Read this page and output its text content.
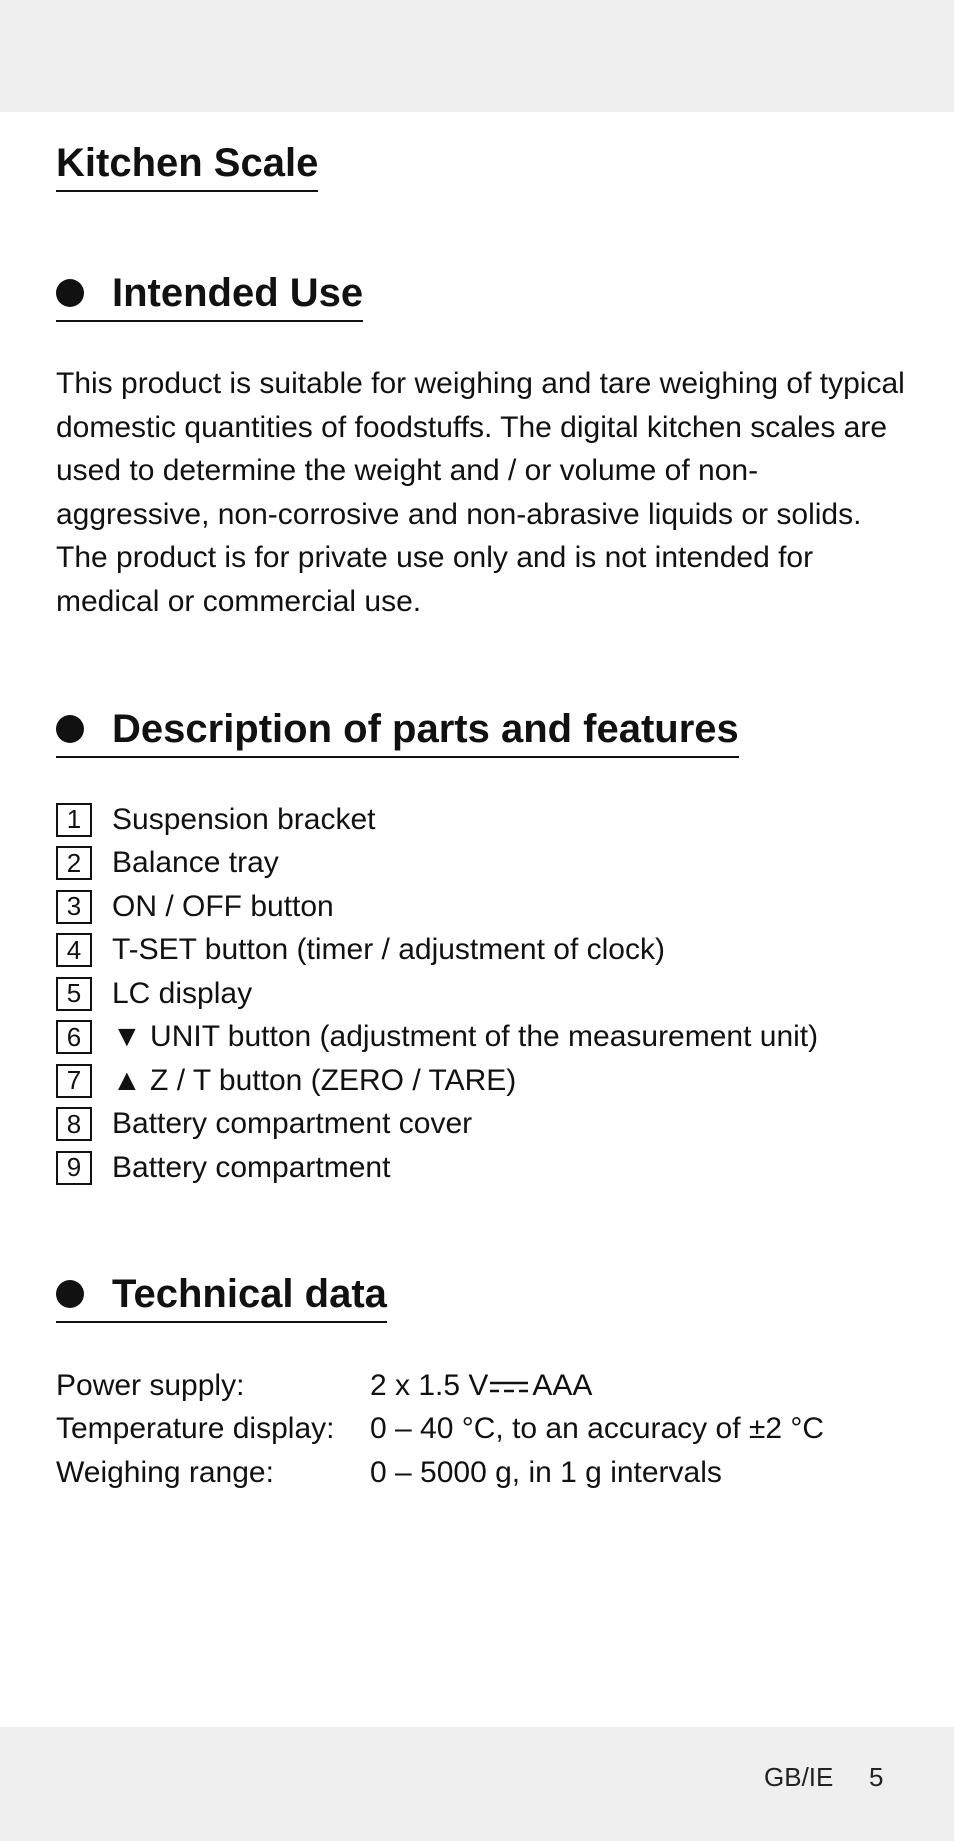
Kitchen Scale
Intended Use

This product is suitable for weighing and tare weighing of typical domestic quantities of foodstuffs. The digital kitchen scales are used to determine the weight and / or volume of non-aggressive, non-corrosive and non-abrasive liquids or solids. The product is for private use only and is not intended for medical or commercial use.

Description of parts and features
1	Suspension bracket
2	Balance tray
3	ON / OFF button
4	T-SET button (timer / adjustment of clock)
5	LC display
6	▼ UNIT button (adjustment of the measurement unit)
7	▲ Z / T button (ZERO / TARE)
8	Battery compartment cover
9	Battery compartment
Technical data
Power supply:	2 x 1.5 V AAA
Temperature display:	0 – 40 °C, to an accuracy of ±2 °C
Weighing range:	0 – 5000 g, in 1 g intervals
GB/IE 5
